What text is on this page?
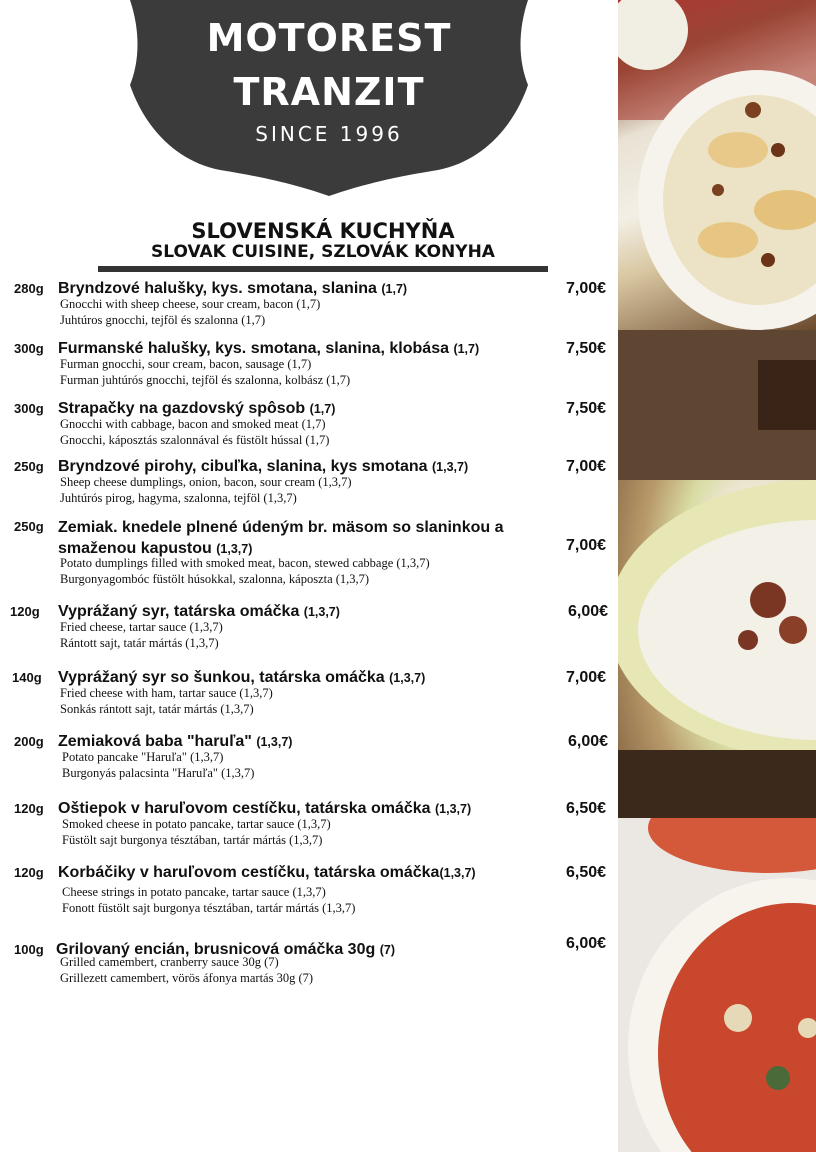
MOTOREST
TRANZIT
SINCE 1996
SLOVENSKÁ KUCHYŇA
SLOVAK CUISINE, SZLOVÁK KONYHA
280g Bryndzové halušky, kys. smotana, slanina (1,7)	7,00€
Gnocchi with sheep cheese, sour cream, bacon (1,7)
Juhtúros gnocchi, tejföl és szalonna (1,7)
300g Furmanské halušky, kys. smotana, slanina, klobása (1,7)	7,50€
Furman gnocchi, sour cream, bacon, sausage (1,7)
Furman juhtúrós gnocchi, tejföl és szalonna, kolbász (1,7)
300g Strapačky na gazdovský spôsob (1,7)	7,50€
Gnocchi with cabbage, bacon and smoked meat (1,7)
Gnocchi, káposztás szalonnával és füstölt hússal (1,7)
250g Bryndzové pirohy, cibuľka, slanina, kys smotana (1,3,7)	7,00€
Sheep cheese dumplings, onion, bacon, sour cream (1,3,7)
Juhtúrós pirog, hagyma, szalonna, tejföl (1,3,7)
250g Zemiak. knedele plnené údeným br. mäsom so slaninkou a smaženou kapustou (1,3,7)	7,00€
Potato dumplings filled with smoked meat, bacon, stewed cabbage (1,3,7)
Burgonyagombóc füstölt húsokkal, szalonna, káposzta (1,3,7)
120g Vyprážaný syr, tatárska omáčka (1,3,7)	6,00€
Fried cheese, tartar sauce (1,3,7)
Rántott sajt, tatár mártás (1,3,7)
140g Vyprážaný syr so šunkou, tatárska omáčka (1,3,7)	7,00€
Fried cheese with ham, tartar sauce (1,3,7)
Sonkás rántott sajt, tatár mártás (1,3,7)
200g Zemiaková baba "haruľa" (1,3,7)	6,00€
Potato pancake "Haruľa" (1,3,7)
Burgonyás palacsinta "Haruľa" (1,3,7)
120g Oštiepok v haruľovom cestíčku, tatárska omáčka (1,3,7)	6,50€
Smoked cheese in potato pancake, tartar sauce (1,3,7)
Füstölt sajt burgonya tésztában, tartár mártás (1,3,7)
120g Korbáčiky v haruľovom cestíčku, tatárska omáčka(1,3,7)	6,50€
Cheese strings in potato pancake, tartar sauce (1,3,7)
Fonott füstölt sajt burgonya tésztában, tartár mártás (1,3,7)
100g Grilovaný encián, brusnicová omáčka 30g (7)	6,00€
Grilled camembert, cranberry sauce 30g (7)
Grillezett camembert, vörös áfonya martás 30g (7)
